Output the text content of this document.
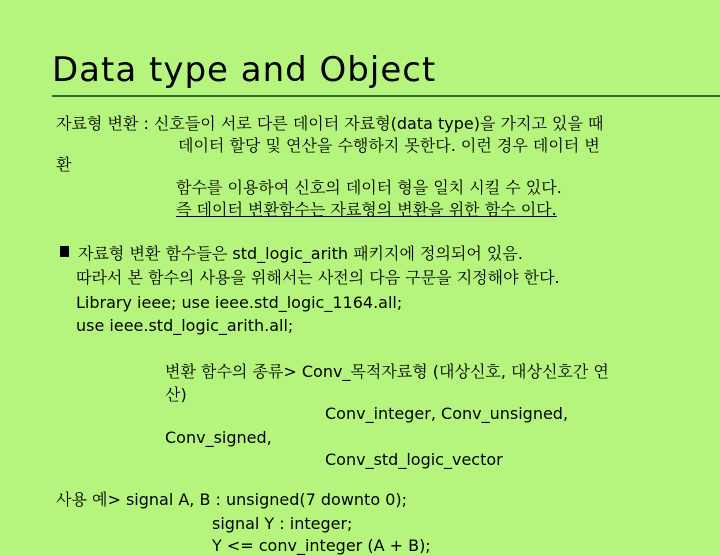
Data type and Object
자료형 변환 : 신호들이 서로 다른 데이터 자료형(data type)을 가지고 있을 때
데이터 할당 및 연산을 수행하지 못한다. 이런 경우 데이터 변
환
함수를 이용하여 신호의 데이터 형을 일치 시킬 수 있다.
즉 데이터 변환함수는 자료형의 변환을 위한 함수 이다.
자료형 변환 함수들은 std_logic_arith 패키지에 정의되어 있음.
따라서 본 함수의 사용을 위해서는 사전의 다음 구문을 지정해야 한다.
Library ieee; use ieee.std_logic_1164.all;
use ieee.std_logic_arith.all;
변환 함수의 종류> Conv_목적자료형 (대상신호, 대상신호간 연
산)
Conv_integer, Conv_unsigned,
Conv_signed,
Conv_std_logic_vector
사용 예> signal A, B : unsigned(7 downto 0);
signal Y : integer;
Y <= conv_integer (A + B);
